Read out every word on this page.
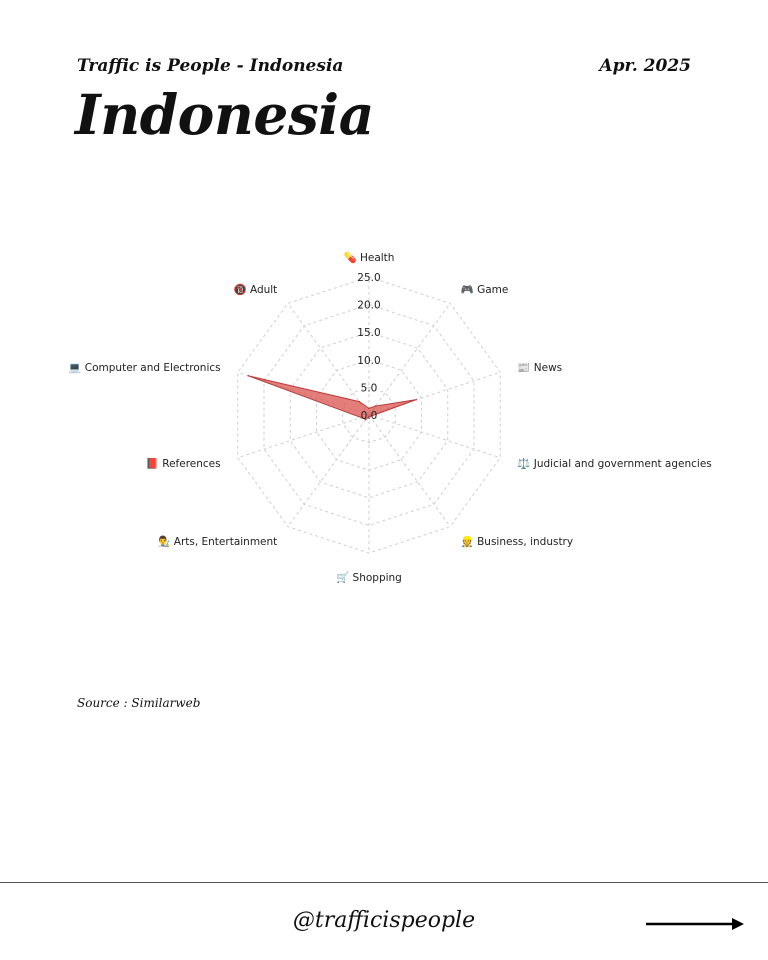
Traffic is People - Indonesia	Apr. 2025
Indonesia
0.0
5.0
10.0
15.0
20.0
25.0
💊 Health
🎮 Game
📰 News
⚖️ Judicial and government agencies
👷 Business, industry
🛒 Shopping
👨‍🎨 Arts, Entertainment
📕 References
💻 Computer and Electronics
🔞 Adult
Source : Similarweb
@trafficispeople
